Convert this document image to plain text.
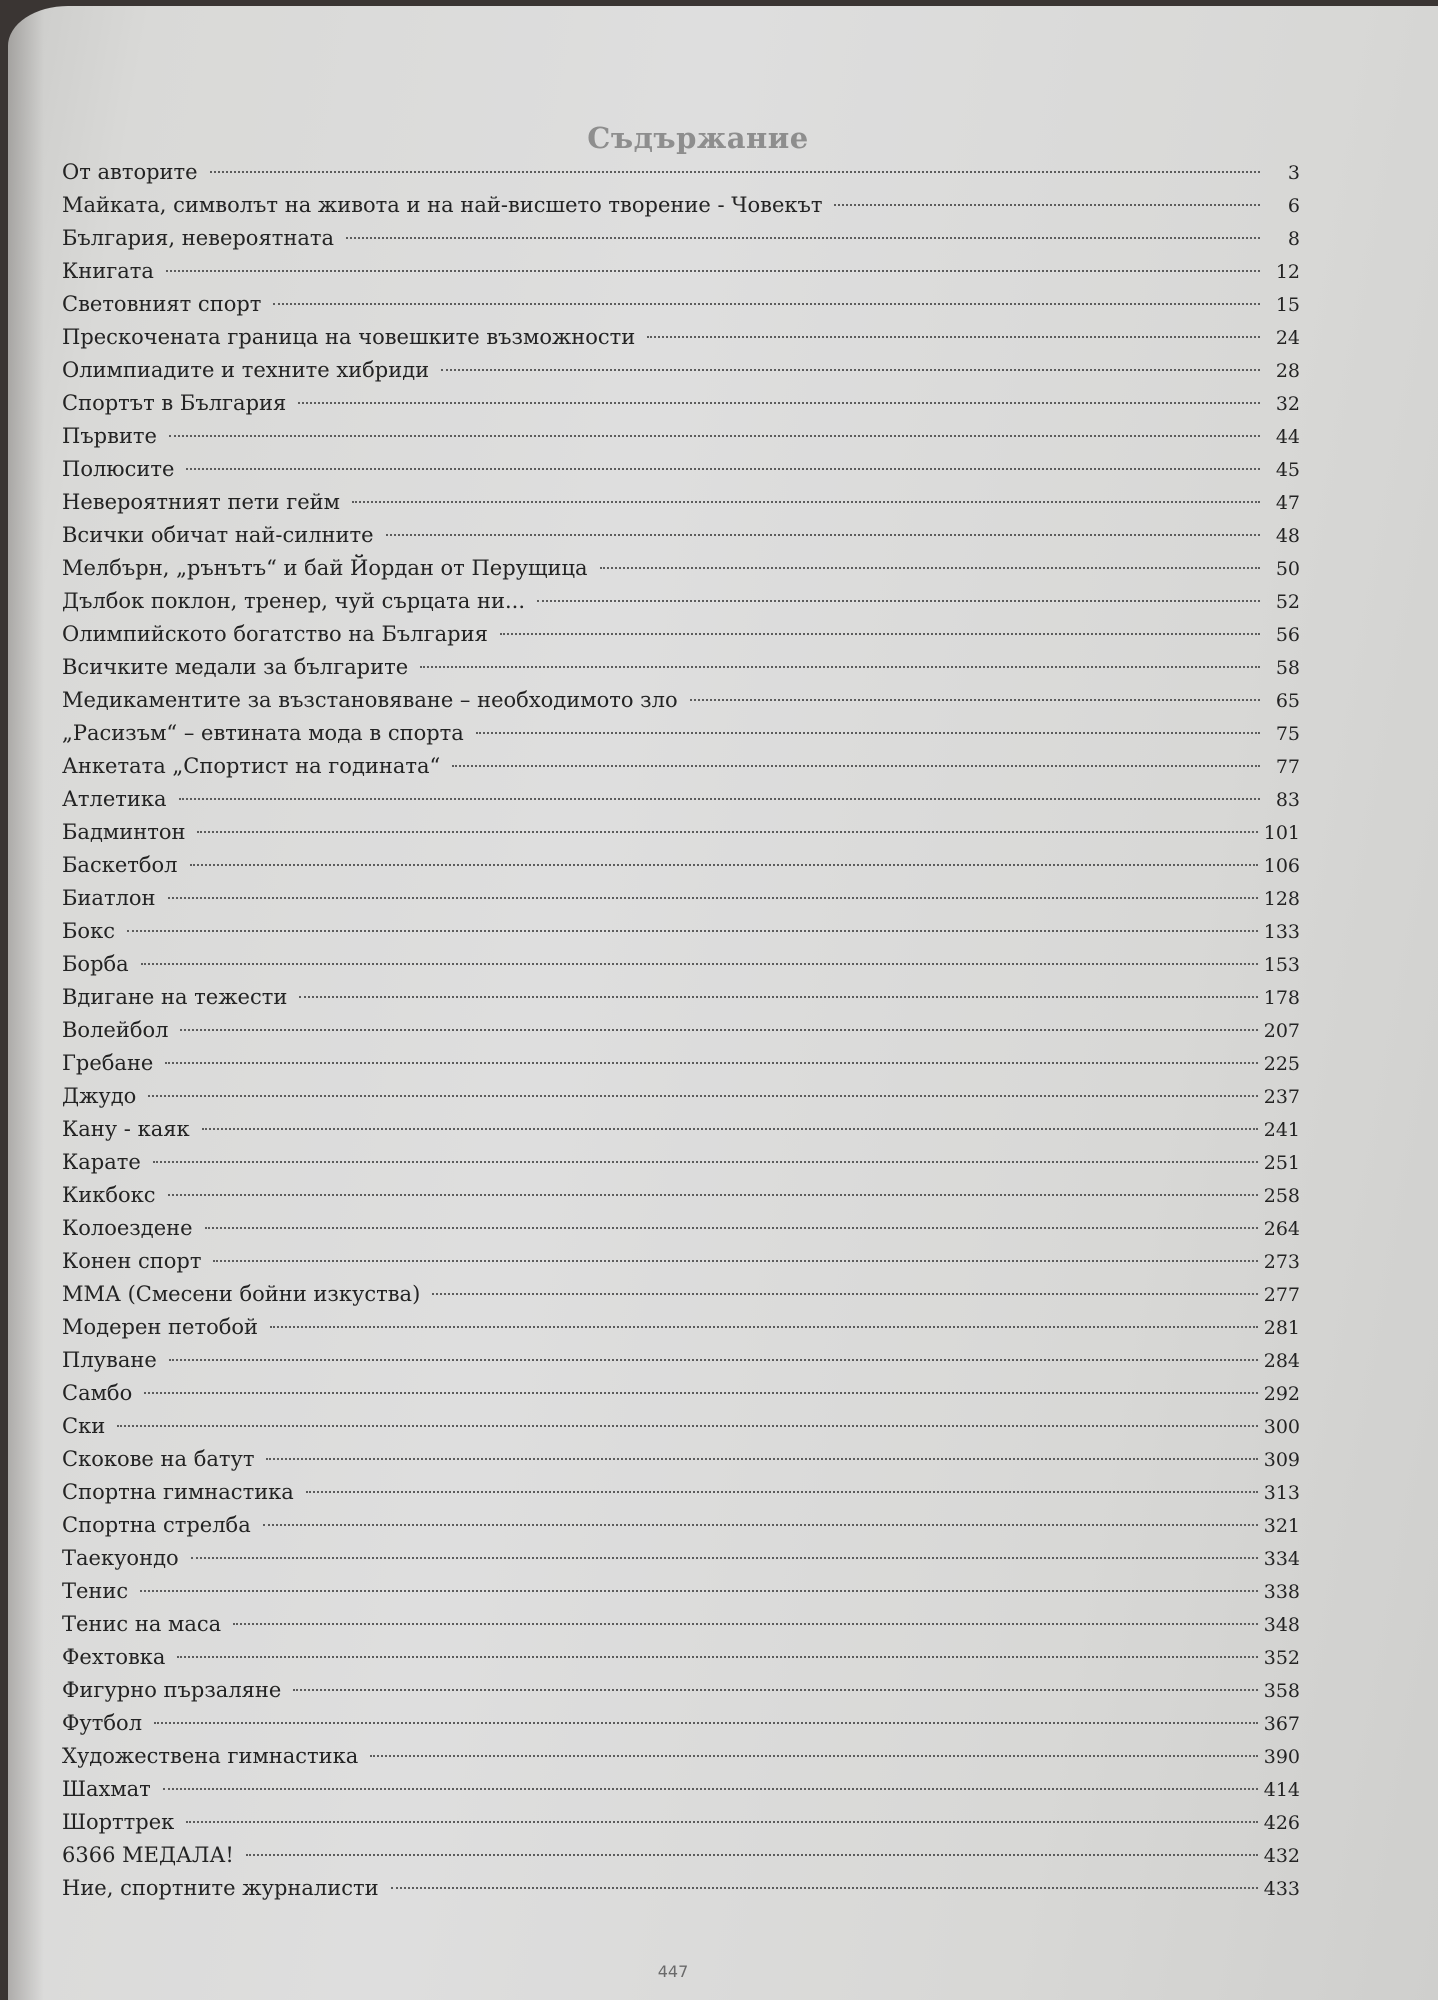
Съдържание
От авторите	3
Майката, символът на живота и на най-висшето творение - Човекът	6
България, невероятната	8
Книгата	12
Световният спорт	15
Прескочената граница на човешките възможности	24
Олимпиадите и техните хибриди	28
Спортът в България	32
Първите	44
Полюсите	45
Невероятният пети гейм	47
Всички обичат най-силните	48
Мелбърн, „рънътъ“ и бай Йордан от Перущица	50
Дълбок поклон, тренер, чуй сърцата ни...	52
Олимпийското богатство на България	56
Всичките медали за българите	58
Медикаментите за възстановяване – необходимото зло	65
„Расизъм“ – евтината мода в спорта	75
Анкетата „Спортист на годината“	77
Атлетика	83
Бадминтон	101
Баскетбол	106
Биатлон	128
Бокс	133
Борба	153
Вдигане на тежести	178
Волейбол	207
Гребане	225
Джудо	237
Кану - каяк	241
Карате	251
Кикбокс	258
Колоездене	264
Конен спорт	273
ММА (Смесени бойни изкуства)	277
Модерен петобой	281
Плуване	284
Самбо	292
Ски	300
Скокове на батут	309
Спортна гимнастика	313
Спортна стрелба	321
Таекуондо	334
Тенис	338
Тенис на маса	348
Фехтовка	352
Фигурно пързаляне	358
Футбол	367
Художествена гимнастика	390
Шахмат	414
Шорттрек	426
6366 МЕДАЛА!	432
Ние, спортните журналисти	433
447
